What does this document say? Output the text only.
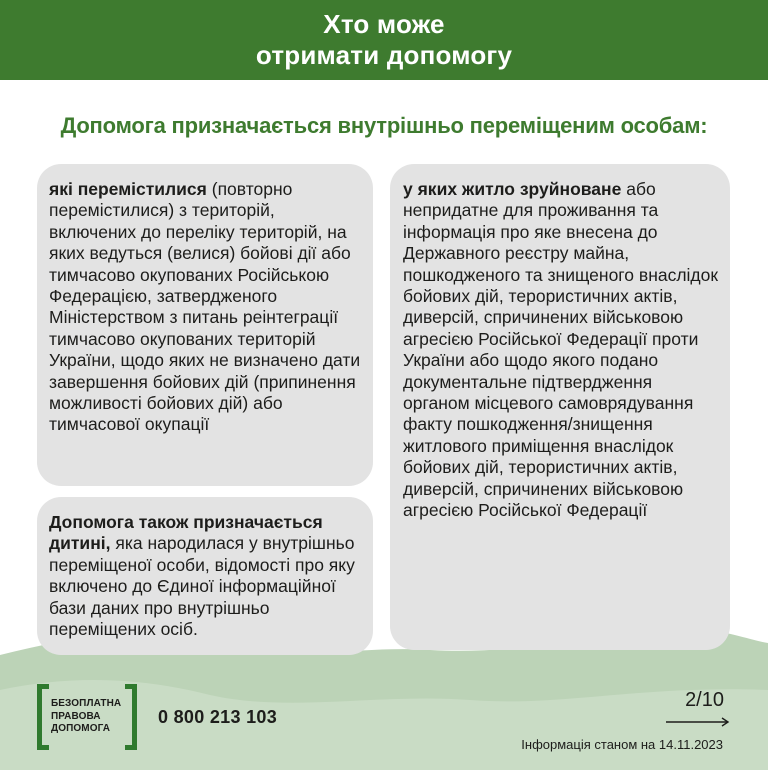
Хто може
отримати допомогу
Допомога призначається внутрішньо переміщеним особам:
які перемістилися (повторно перемістилися) з територій, включених до переліку територій, на яких ведуться (велися) бойові дії або тимчасово окупованих Російською Федерацією, затвердженого Міністерством з питань реінтеграції тимчасово окупованих територій України, щодо яких не визначено дати завершення бойових дій (припинення можливості бойових дій) або тимчасової окупації
Допомога також призначається дитині, яка народилася у внутрішньо переміщеної особи, відомості про яку включено до Єдиної інформаційної бази даних про внутрішньо переміщених осіб.
у яких житло зруйноване або непридатне для проживання та інформація про яке внесена до Державного реєстру майна, пошкодженого та знищеного внаслідок бойових дій, терористичних актів, диверсій, спричинених військовою агресією Російської Федерації проти України або щодо якого подано документальне підтвердження органом місцевого самоврядування факту пошкодження/знищення житлового приміщення внаслідок бойових дій, терористичних актів, диверсій, спричинених військовою агресією Російської Федерації
БЕЗОПЛАТНА
ПРАВОВА
ДОПОМОГА
0 800 213 103
2/10
Інформація станом на 14.11.2023
